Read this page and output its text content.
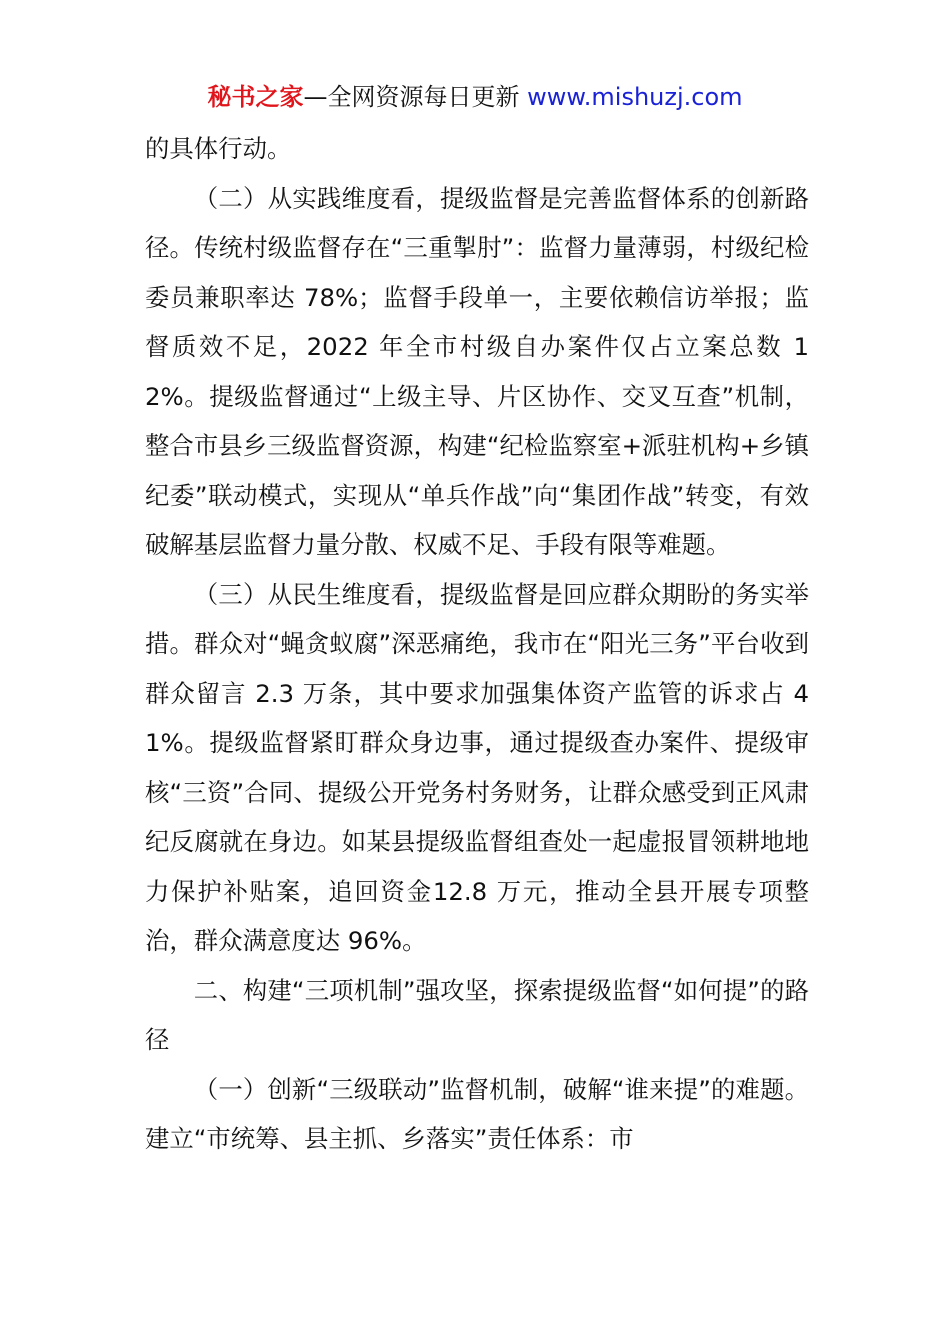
秘书之家—全网资源每日更新 www.mishuzj.com

的具体行动。

（二）从实践维度看，提级监督是完善监督体系的创新路径。传统村级监督存在“三重掣肘”：监督力量薄弱，村级纪检委员兼职率达 78%；监督手段单一，主要依赖信访举报；监督质效不足，2022 年全市村级自办案件仅占立案总数 12%。提级监督通过“上级主导、片区协作、交叉互查”机制，整合市县乡三级监督资源，构建“纪检监察室+派驻机构+乡镇纪委”联动模式，实现从“单兵作战”向“集团作战”转变，有效破解基层监督力量分散、权威不足、手段有限等难题。

（三）从民生维度看，提级监督是回应群众期盼的务实举措。群众对“蝇贪蚁腐”深恶痛绝，我市在“阳光三务”平台收到群众留言 2.3 万条，其中要求加强集体资产监管的诉求占 41%。提级监督紧盯群众身边事，通过提级查办案件、提级审核“三资”合同、提级公开党务村务财务，让群众感受到正风肃纪反腐就在身边。如某县提级监督组查处一起虚报冒领耕地地力保护补贴案，追回资金12.8 万元，推动全县开展专项整治，群众满意度达 96%。

二、构建“三项机制”强攻坚，探索提级监督“如何提”的路径

（一）创新“三级联动”监督机制，破解“谁来提”的难题。建立“市统筹、县主抓、乡落实”责任体系：市
